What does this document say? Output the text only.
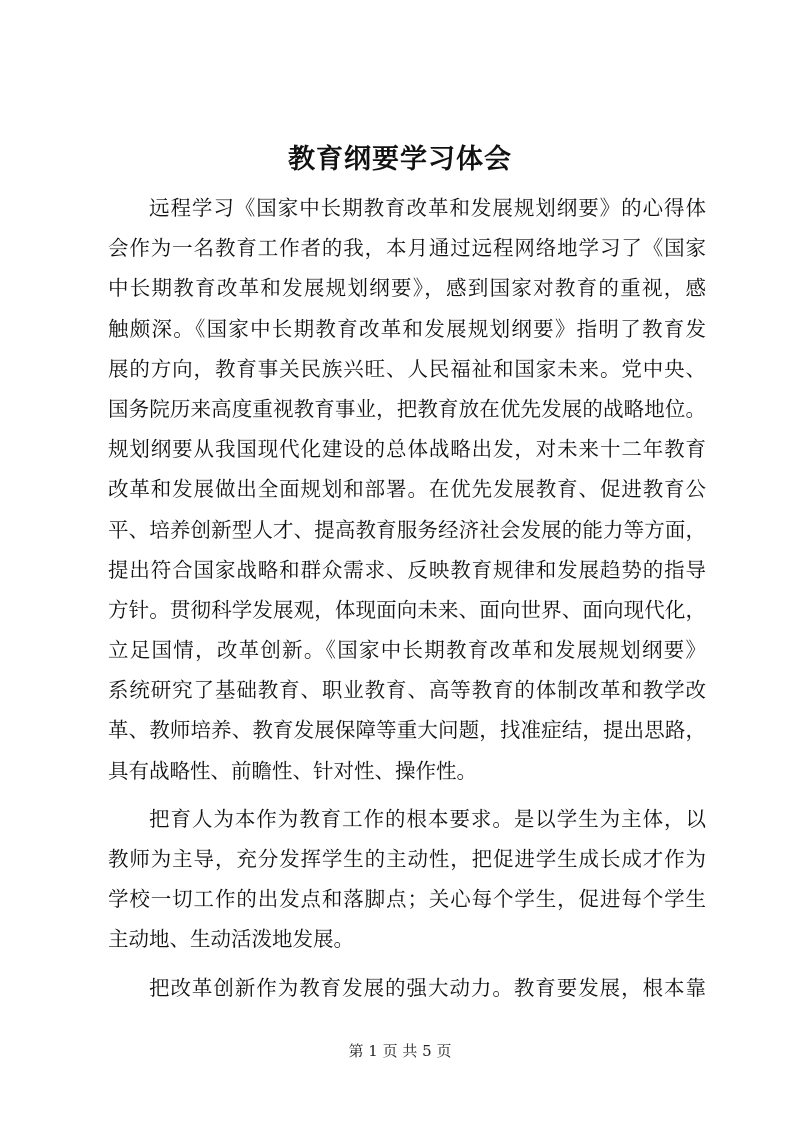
教育纲要学习体会
远程学习《国家中长期教育改革和发展规划纲要》的心得体
会作为一名教育工作者的我，本月通过远程网络地学习了《国家
中长期教育改革和发展规划纲要》，感到国家对教育的重视，感
触颇深。《国家中长期教育改革和发展规划纲要》指明了教育发
展的方向，教育事关民族兴旺、人民福祉和国家未来。党中央、
国务院历来高度重视教育事业，把教育放在优先发展的战略地位。
规划纲要从我国现代化建设的总体战略出发，对未来十二年教育
改革和发展做出全面规划和部署。在优先发展教育、促进教育公
平、培养创新型人才、提高教育服务经济社会发展的能力等方面，
提出符合国家战略和群众需求、反映教育规律和发展趋势的指导
方针。贯彻科学发展观，体现面向未来、面向世界、面向现代化，
立足国情，改革创新。《国家中长期教育改革和发展规划纲要》
系统研究了基础教育、职业教育、高等教育的体制改革和教学改
革、教师培养、教育发展保障等重大问题，找准症结，提出思路，
具有战略性、前瞻性、针对性、操作性。
把育人为本作为教育工作的根本要求。是以学生为主体，以
教师为主导，充分发挥学生的主动性，把促进学生成长成才作为
学校一切工作的出发点和落脚点；关心每个学生，促进每个学生
主动地、生动活泼地发展。
把改革创新作为教育发展的强大动力。教育要发展，根本靠
第 1 页 共 5 页
